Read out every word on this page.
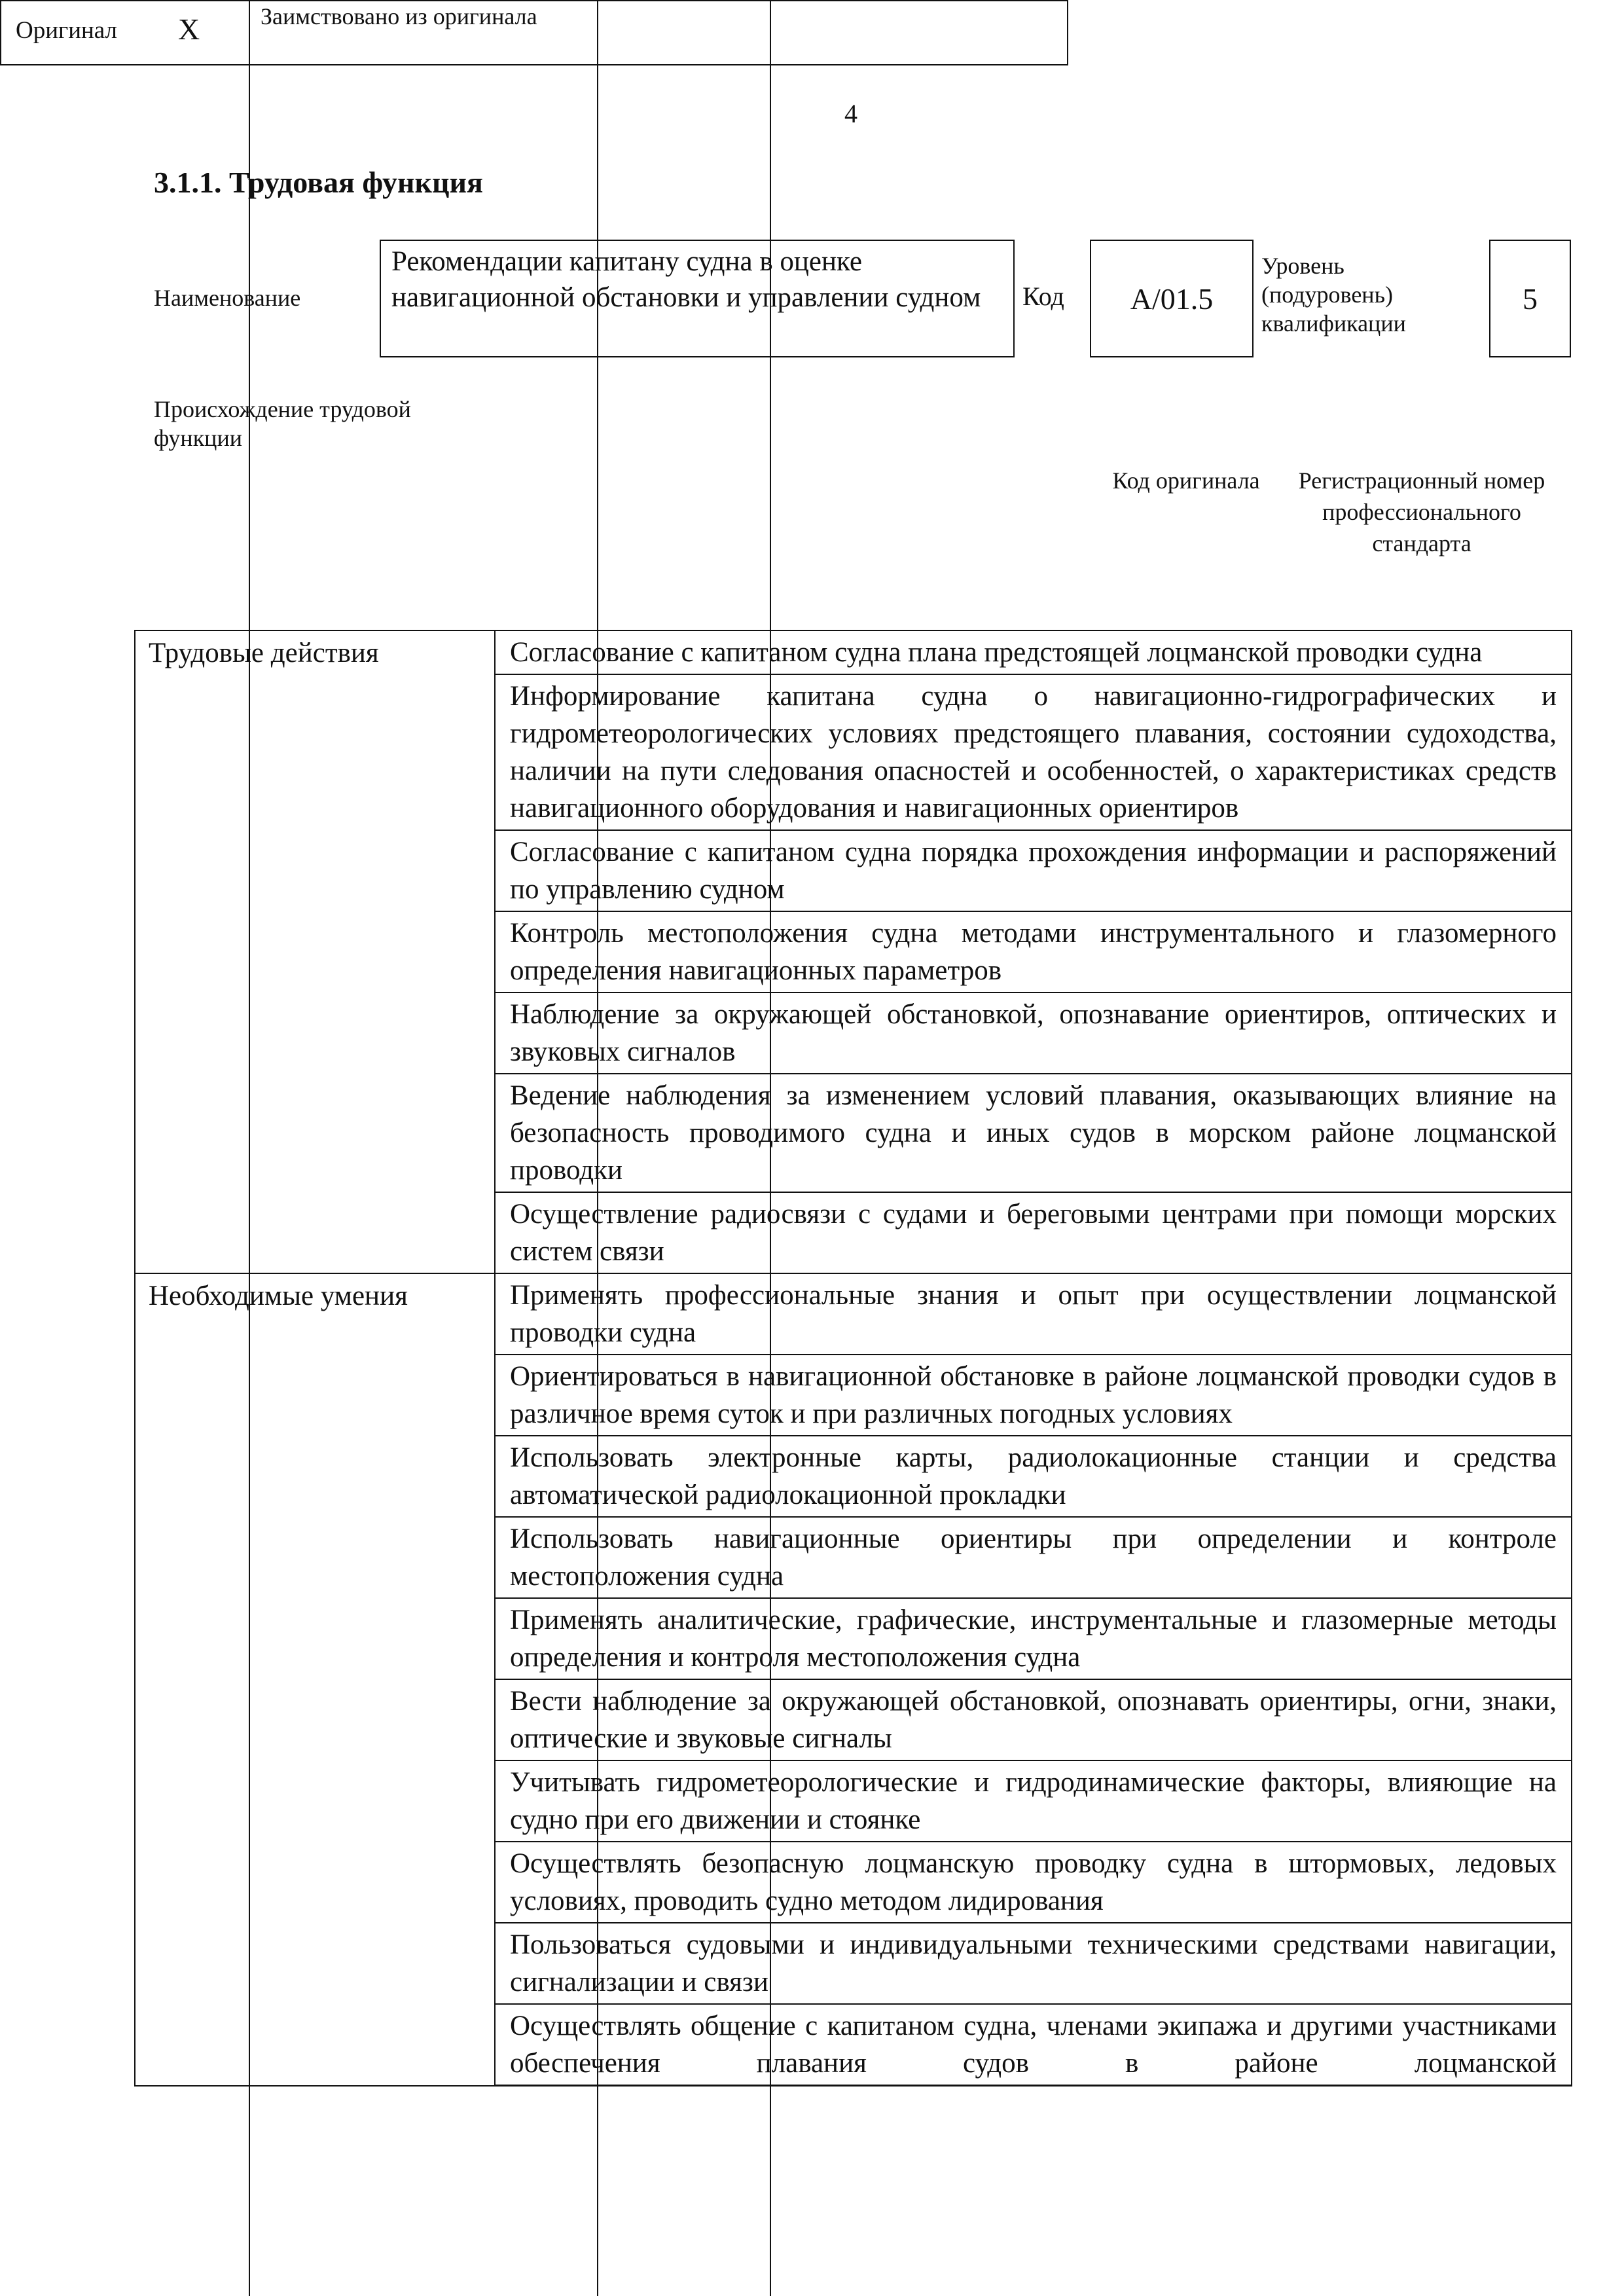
4
3.1.1. Трудовая функция
Наименование
Рекомендации капитану судна в оценке навигационной обстановки и управлении судном	Код	А/01.5
Уровень (подуровень) квалификации
5
Происхождение трудовой функции
Оригинал X	Заимствовано из оригинала
Код оригинала	Регистрационный номер профессионального стандарта
Трудовые действия	Согласование с капитаном судна плана предстоящей лоцманской проводки судна
	Информирование капитана судна о навигационно-гидрографических и гидрометеорологических условиях предстоящего плавания, состоянии судоходства, наличии на пути следования опасностей и особенностей, о характеристиках средств навигационного оборудования и навигационных ориентиров
	Согласование с капитаном судна порядка прохождения информации и распоряжений по управлению судном
	Контроль местоположения судна методами инструментального и глазомерного определения навигационных параметров
	Наблюдение за окружающей обстановкой, опознавание ориентиров, оптических и звуковых сигналов
	Ведение наблюдения за изменением условий плавания, оказывающих влияние на безопасность проводимого судна и иных судов в морском районе лоцманской проводки
	Осуществление радиосвязи с судами и береговыми центрами при помощи морских систем связи
Необходимые умения	Применять профессиональные знания и опыт при осуществлении лоцманской проводки судна
	Ориентироваться в навигационной обстановке в районе лоцманской проводки судов в различное время суток и при различных погодных условиях
	Использовать электронные карты, радиолокационные станции и средства автоматической радиолокационной прокладки
	Использовать навигационные ориентиры при определении и контроле местоположения судна
	Применять аналитические, графические, инструментальные и глазомерные методы определения и контроля местоположения судна
	Вести наблюдение за окружающей обстановкой, опознавать ориентиры, огни, знаки, оптические и звуковые сигналы
	Учитывать гидрометеорологические и гидродинамические факторы, влияющие на судно при его движении и стоянке
	Осуществлять безопасную лоцманскую проводку судна в штормовых, ледовых условиях, проводить судно методом лидирования
	Пользоваться судовыми и индивидуальными техническими средствами навигации, сигнализации и связи
	Осуществлять общение с капитаном судна, членами экипажа и другими участниками обеспечения плавания судов в районе лоцманской
